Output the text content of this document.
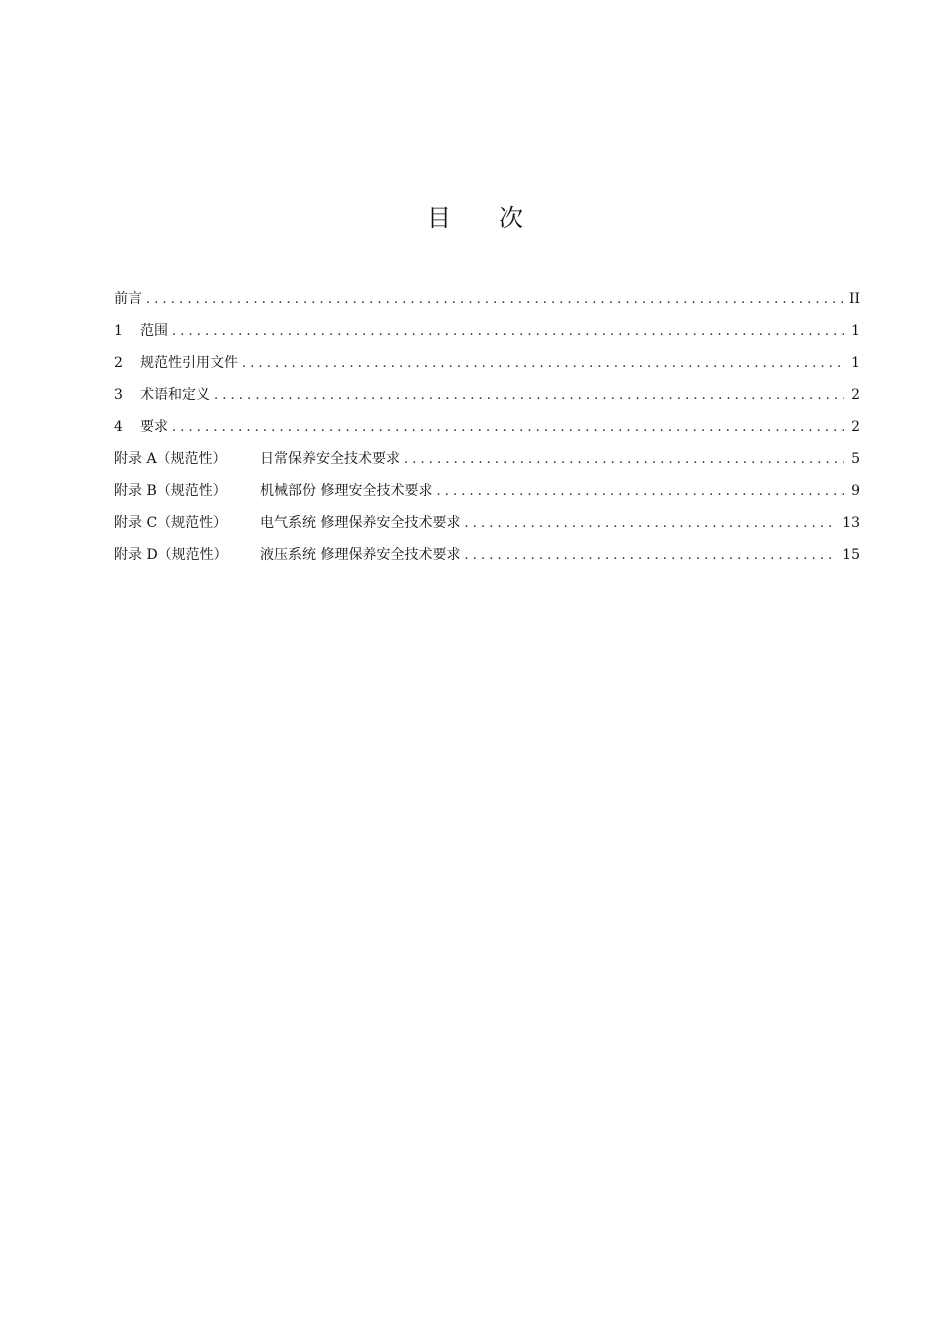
目 次
前言 . . .	II
1 范围 . . .	1
2 规范性引用文件 . . .	1
3 术语和定义 . . .	2
4 要求 . . .	2
附录 A（规范性） 日常保养安全技术要求 . . .	5
附录 B（规范性） 机械部份 修理安全技术要求 . . .	9
附录 C（规范性） 电气系统 修理保养安全技术要求 . . .	13
附录 D（规范性） 液压系统 修理保养安全技术要求 . . .	15
